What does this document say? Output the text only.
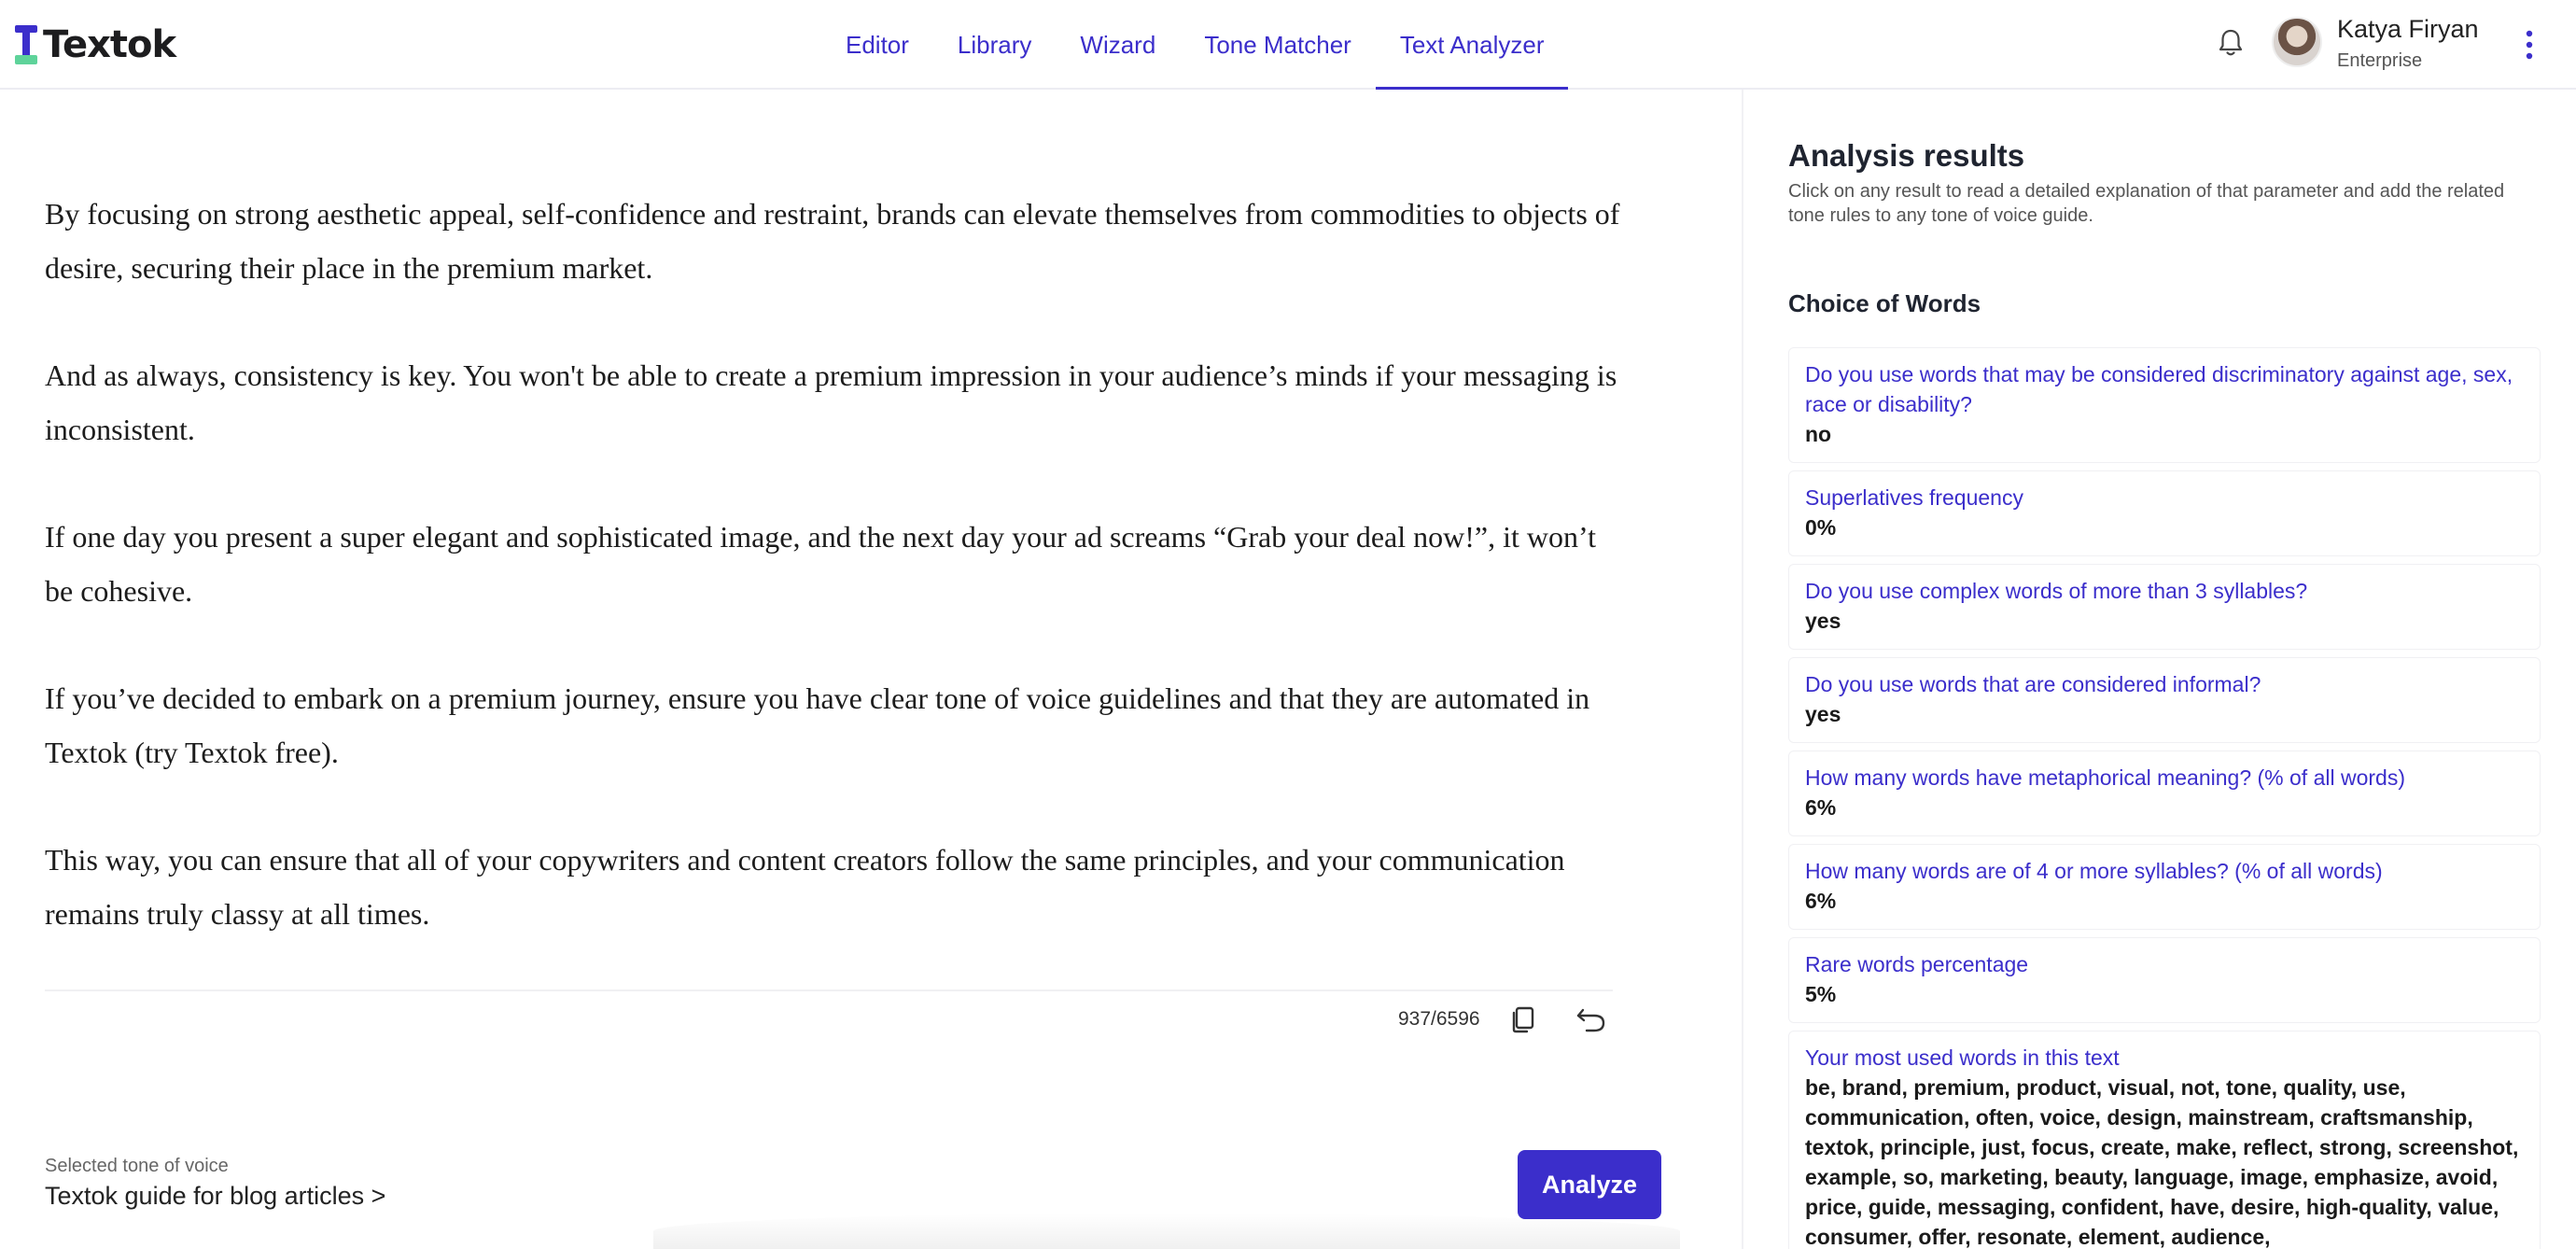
Textok	Editor	Library	Wizard	Tone Matcher	Text Analyzer
Katya Firyan
Enterprise

By focusing on strong aesthetic appeal, self-confidence and restraint, brands can elevate themselves from commodities to objects of desire, securing their place in the premium market.

And as always, consistency is key. You won't be able to create a premium impression in your audience’s minds if your messaging is inconsistent.

If one day you present a super elegant and sophisticated image, and the next day your ad screams “Grab your deal now!”, it won’t be cohesive.

If you’ve decided to embark on a premium journey, ensure you have clear tone of voice guidelines and that they are automated in Textok (try Textok free).

This way, you can ensure that all of your copywriters and content creators follow the same principles, and your communication remains truly classy at all times.

937/6596
Selected tone of voice
Textok guide for blog articles >	Analyze
Analysis results
Click on any result to read a detailed explanation of that parameter and add the related tone rules to any tone of voice guide.
Choice of Words
Do you use words that may be considered discriminatory against age, sex, race or disability?
no
Superlatives frequency
0%
Do you use complex words of more than 3 syllables?
yes
Do you use words that are considered informal?
yes
How many words have metaphorical meaning? (% of all words)
6%
How many words are of 4 or more syllables? (% of all words)
6%
Rare words percentage
5%
Your most used words in this text
be, brand, premium, product, visual, not, tone, quality, use, communication, often, voice, design, mainstream, craftsmanship, textok, principle, just, focus, create, make, reflect, strong, screenshot, example, so, marketing, beauty, language, image, emphasize, avoid, price, guide, messaging, confident, have, desire, high-quality, value, consumer, offer, resonate, element, audience,
